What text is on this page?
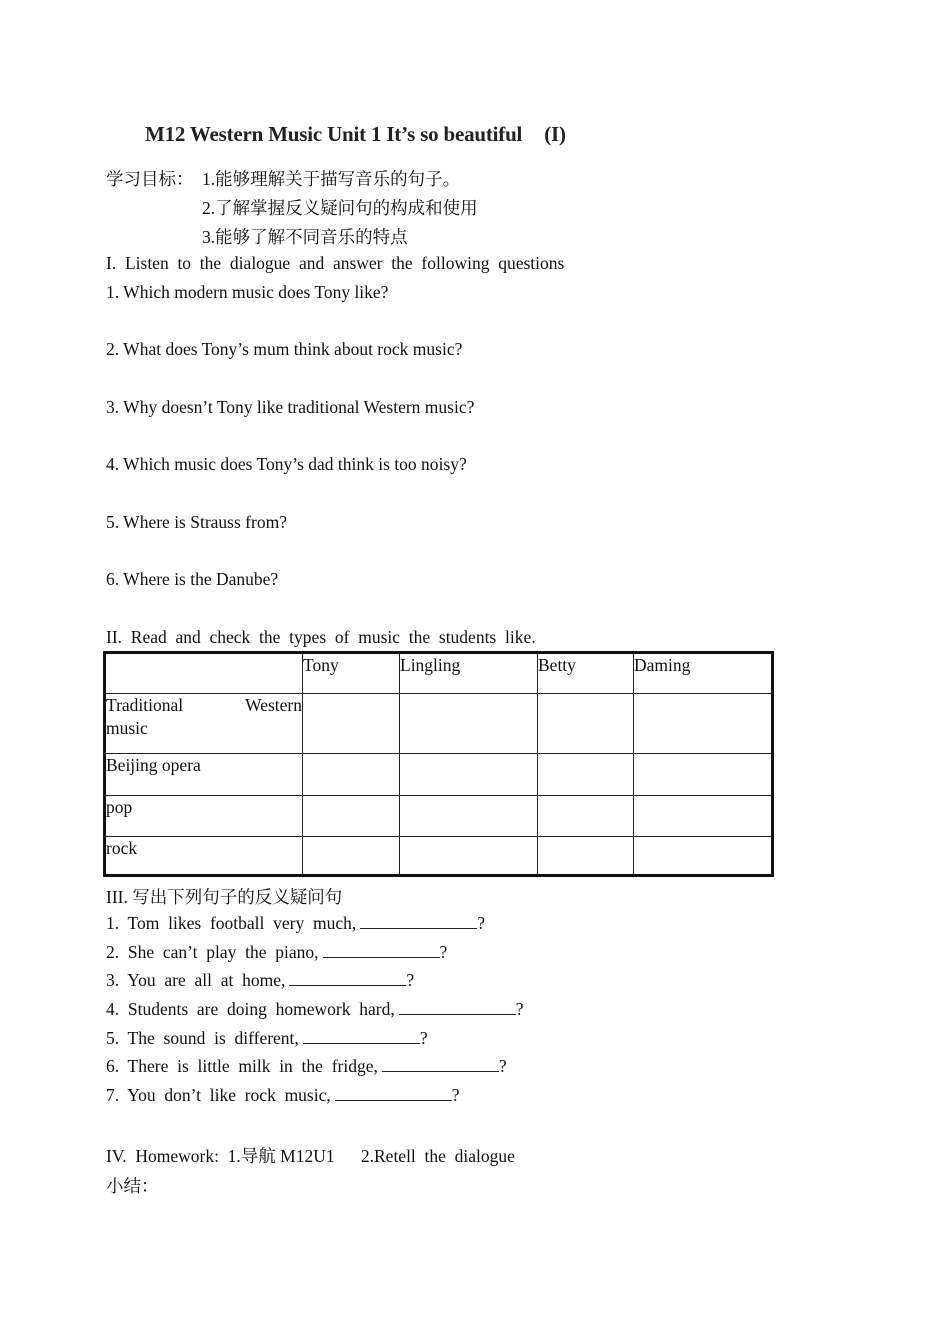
M12 Western Music Unit 1 It’s so beautiful (I)
学习目标： 1.能够理解关于描写音乐的句子。
2.了解掌握反义疑问句的构成和使用
3.能够了解不同音乐的特点
I.  Listen  to  the  dialogue  and  answer  the  following  questions
1. Which modern music does Tony like?
2. What does Tony’s mum think about rock music?
3. Why doesn’t Tony like traditional Western music?
4. Which music does Tony’s dad think is too noisy?
5. Where is Strauss from?
6. Where is the Danube?
II.  Read  and  check  the  types  of  music  the  students  like.
	Tony	Lingling	Betty	Daming

Traditional Western
music				
Beijing opera				
pop				
rock				
III. 写出下列句子的反义疑问句
1.  Tom  likes  football  very  much,	?
2.  She  can’t  play  the  piano,	?
3.  You  are  all  at  home,	?
4.  Students  are  doing  homework  hard,	?
5.  The  sound  is  different,	?
6.  There  is  little  milk  in  the  fridge,	?
7.  You  don’t  like  rock  music,	?
IV.  Homework:  1.导航 M12U1      2.Retell  the  dialogue
小结：
